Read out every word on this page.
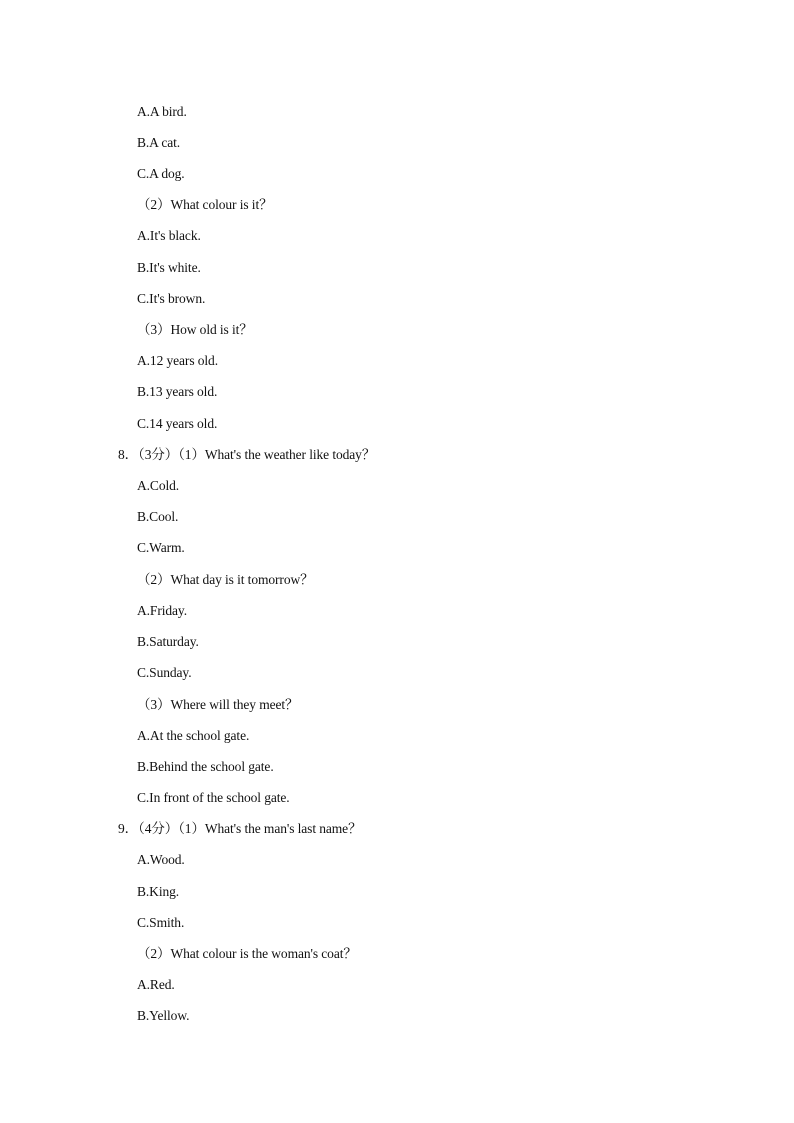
A.A bird.
B.A cat.
C.A dog.
（2）What colour is it？
A.It's black.
B.It's white.
C.It's brown.
（3）How old is it？
A.12 years old.
B.13 years old.
C.14 years old.
8．（3分）（1）What's the weather like today？
A.Cold.
B.Cool.
C.Warm.
（2）What day is it tomorrow？
A.Friday.
B.Saturday.
C.Sunday.
（3）Where will they meet？
A.At the school gate.
B.Behind the school gate.
C.In front of the school gate.
9．（4分）（1）What's the man's last name？
A.Wood.
B.King.
C.Smith.
（2）What colour is the woman's coat？
A.Red.
B.Yellow.
